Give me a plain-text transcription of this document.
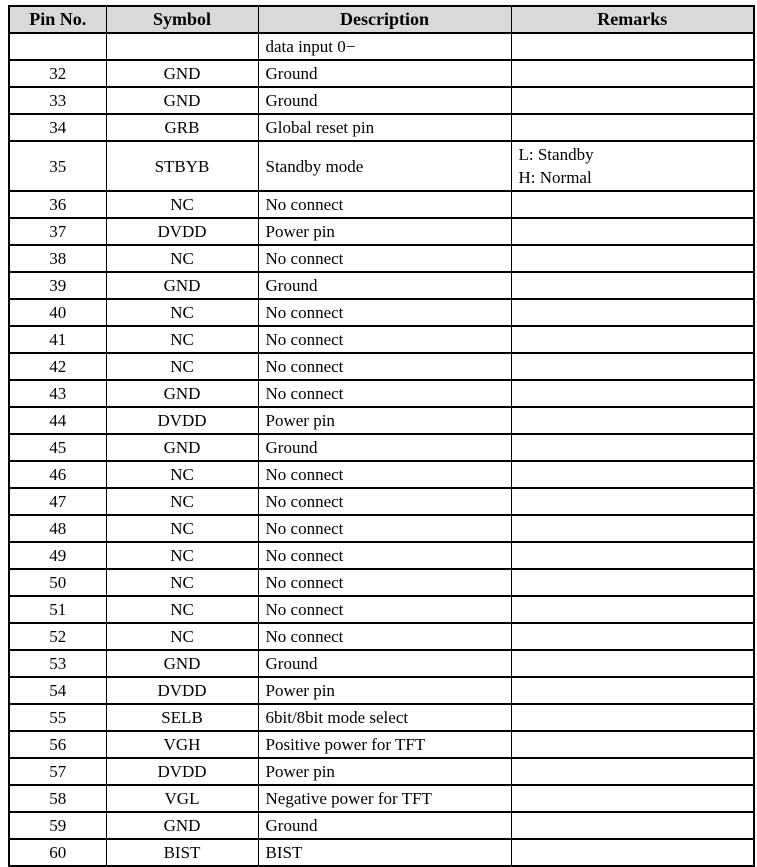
Pin No.	Symbol	Description	Remarks
		data input 0−	
32	GND	Ground	
33	GND	Ground	
34	GRB	Global reset pin	
35	STBYB	Standby mode	L: Standby
H: Normal

36	NC	No connect	
37	DVDD	Power pin	
38	NC	No connect	
39	GND	Ground	
40	NC	No connect	
41	NC	No connect	
42	NC	No connect	
43	GND	No connect	
44	DVDD	Power pin	
45	GND	Ground	
46	NC	No connect	
47	NC	No connect	
48	NC	No connect	
49	NC	No connect	
50	NC	No connect	
51	NC	No connect	
52	NC	No connect	
53	GND	Ground	
54	DVDD	Power pin	
55	SELB	6bit/8bit mode select	
56	VGH	Positive power for TFT	
57	DVDD	Power pin	
58	VGL	Negative power for TFT	
59	GND	Ground	
60	BIST	BIST	
